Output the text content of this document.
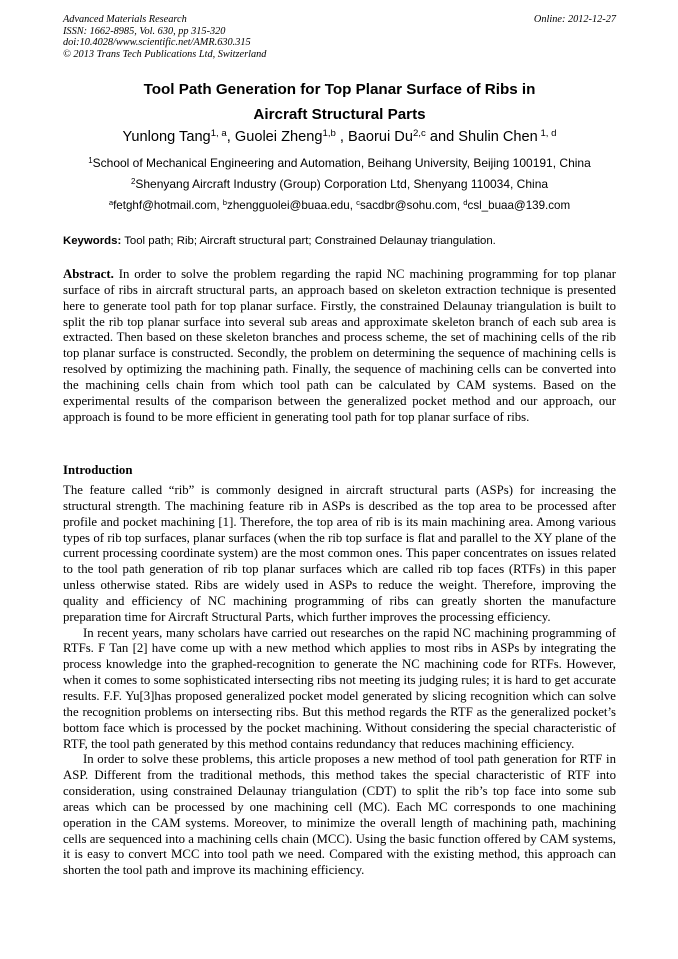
Advanced Materials Research
ISSN: 1662-8985, Vol. 630, pp 315-320
doi:10.4028/www.scientific.net/AMR.630.315
© 2013 Trans Tech Publications Ltd, Switzerland
Online: 2012-12-27
Tool Path Generation for Top Planar Surface of Ribs in
Aircraft Structural Parts
Yunlong Tang$^{1, a}$, Guolei Zheng$^{1,b}$ , Baorui Du$^{2,c}$ and Shulin Chen $^{1, d}$
$^1$School of Mechanical Engineering and Automation, Beihang University, Beijing 100191, China
$^2$Shenyang Aircraft Industry (Group) Corporation Ltd, Shenyang 110034, China
$^a$fetghf@hotmail.com, $^b$zhengguolei@buaa.edu, $^c$sacdbr@sohu.com, $^d$csl_buaa@139.com
Keywords: Tool path; Rib; Aircraft structural part; Constrained Delaunay triangulation.
Abstract. In order to solve the problem regarding the rapid NC machining programming for top planar surface of ribs in aircraft structural parts, an approach based on skeleton extraction technique is presented here to generate tool path for top planar surface. Firstly, the constrained Delaunay triangulation is built to split the rib top planar surface into several sub areas and approximate skeleton branch of each sub area is extracted. Then based on these skeleton branches and process scheme, the set of machining cells of the rib top planar surface is constructed. Secondly, the problem on determining the sequence of machining cells is resolved by optimizing the machining path. Finally, the sequence of machining cells can be converted into the machining cells chain from which tool path can be calculated by CAM systems. Based on the experimental results of the comparison between the generalized pocket method and our approach, our approach is found to be more efficient in generating tool path for top planar surface of ribs.
Introduction

The feature called “rib” is commonly designed in aircraft structural parts (ASPs) for increasing the structural strength. The machining feature rib in ASPs is described as the top area to be processed after profile and pocket machining [1]. Therefore, the top area of rib is its main machining area. Among various types of rib top surfaces, planar surfaces (when the rib top surface is flat and parallel to the XY plane of the current processing coordinate system) are the most common ones. This paper concentrates on issues related to the tool path generation of rib top planar surfaces which are called rib top faces (RTFs) in this paper unless otherwise stated. Ribs are widely used in ASPs to reduce the weight. Therefore, improving the quality and efficiency of NC machining programming of ribs can greatly shorten the manufacture preparation time for Aircraft Structural Parts, which further improves the processing efficiency.

In recent years, many scholars have carried out researches on the rapid NC machining programming of RTFs. F Tan [2] have come up with a new method which applies to most ribs in ASPs by integrating the process knowledge into the graphed-recognition to generate the NC machining code for RTFs. However, when it comes to some sophisticated intersecting ribs not meeting its judging rules; it is hard to get accurate results. F.F. Yu[3]has proposed generalized pocket model generated by slicing recognition which can solve the recognition problems on intersecting ribs. But this method regards the RTF as the generalized pocket’s bottom face which is processed by the pocket machining. Without considering the special characteristic of RTF, the tool path generated by this method contains redundancy that reduces machining efficiency.

In order to solve these problems, this article proposes a new method of tool path generation for RTF in ASP. Different from the traditional methods, this method takes the special characteristic of RTF into consideration, using constrained Delaunay triangulation (CDT) to split the rib’s top face into some sub areas which can be processed by one machining cell (MC). Each MC corresponds to one machining operation in the CAM systems. Moreover, to minimize the overall length of machining path, machining cells are sequenced into a machining cells chain (MCC). Using the basic function offered by CAM systems, it is easy to convert MCC into tool path we need. Compared with the existing method, this approach can shorten the tool path and improve its machining efficiency.
